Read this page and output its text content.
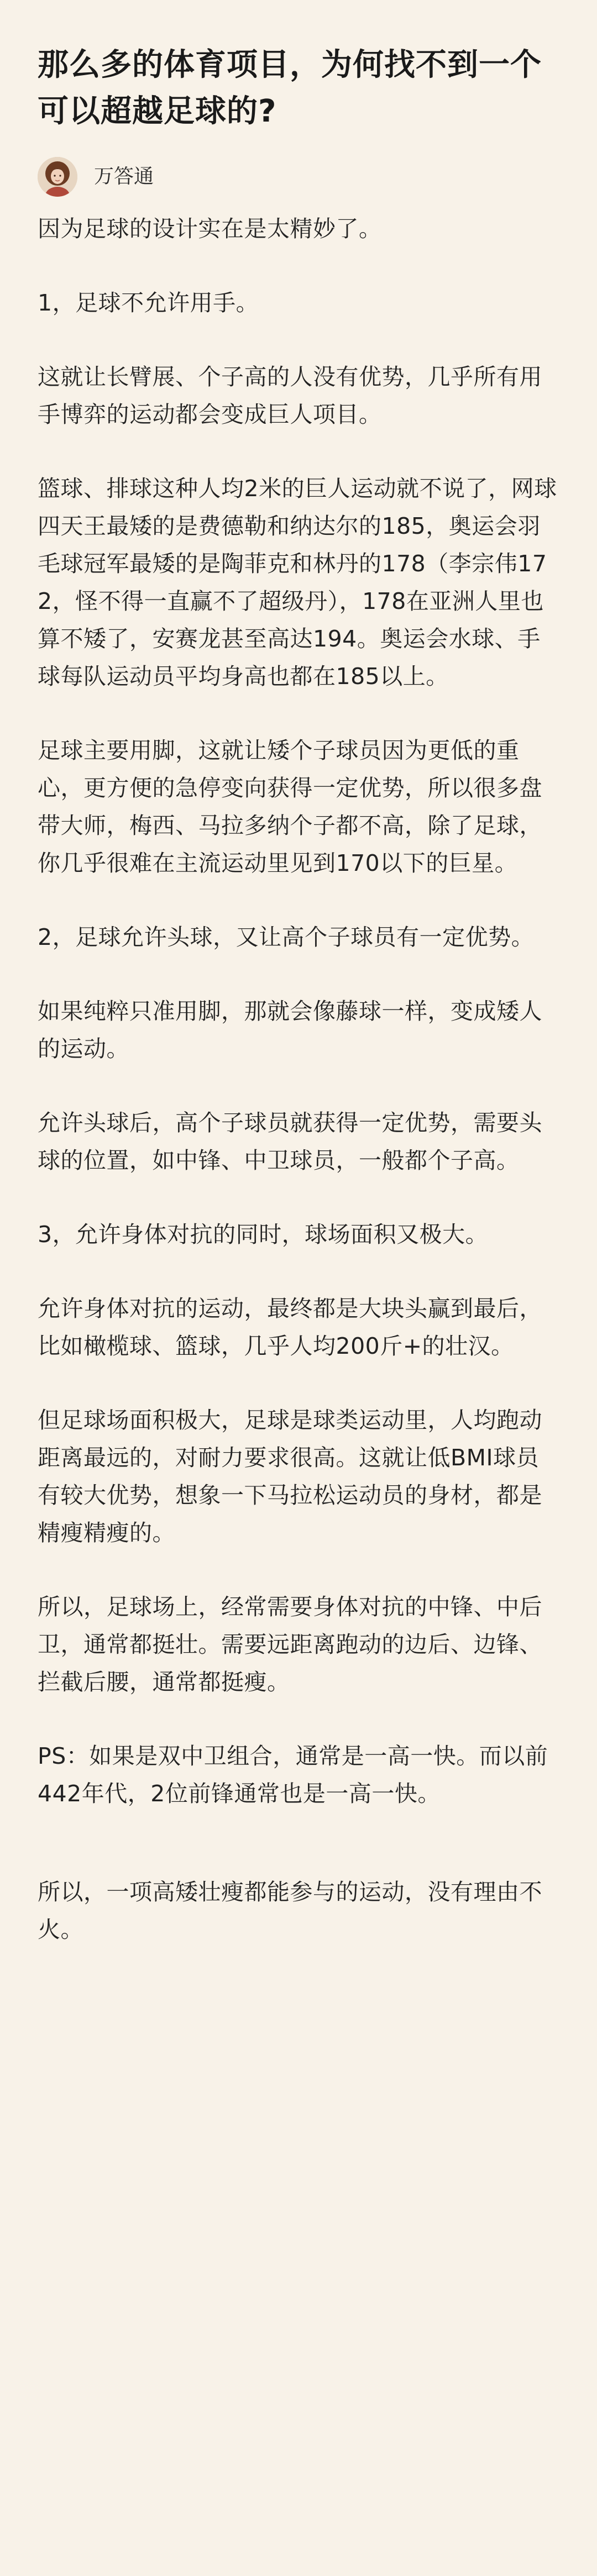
那么多的体育项目，为何找不到一个可以超越足球的?
万答通

因为足球的设计实在是太精妙了。

1，足球不允许用手。

这就让长臂展、个子高的人没有优势，几乎所有用手博弈的运动都会变成巨人项目。

篮球、排球这种人均2米的巨人运动就不说了，网球四天王最矮的是费德勒和纳达尔的185，奥运会羽毛球冠军最矮的是陶菲克和林丹的178（李宗伟172，怪不得一直赢不了超级丹），178在亚洲人里也算不矮了，安赛龙甚至高达194。奥运会水球、手球每队运动员平均身高也都在185以上。

足球主要用脚，这就让矮个子球员因为更低的重心，更方便的急停变向获得一定优势，所以很多盘带大师，梅西、马拉多纳个子都不高，除了足球，你几乎很难在主流运动里见到170以下的巨星。

2，足球允许头球，又让高个子球员有一定优势。

如果纯粹只准用脚，那就会像藤球一样，变成矮人的运动。

允许头球后，高个子球员就获得一定优势，需要头球的位置，如中锋、中卫球员，一般都个子高。

3，允许身体对抗的同时，球场面积又极大。

允许身体对抗的运动，最终都是大块头赢到最后，比如橄榄球、篮球，几乎人均200斤+的壮汉。

但足球场面积极大，足球是球类运动里，人均跑动距离最远的，对耐力要求很高。这就让低BMI球员有较大优势，想象一下马拉松运动员的身材，都是精瘦精瘦的。

所以，足球场上，经常需要身体对抗的中锋、中后卫，通常都挺壮。需要远距离跑动的边后、边锋、拦截后腰，通常都挺瘦。

PS：如果是双中卫组合，通常是一高一快。而以前442年代，2位前锋通常也是一高一快。

所以，一项高矮壮瘦都能参与的运动，没有理由不火。
